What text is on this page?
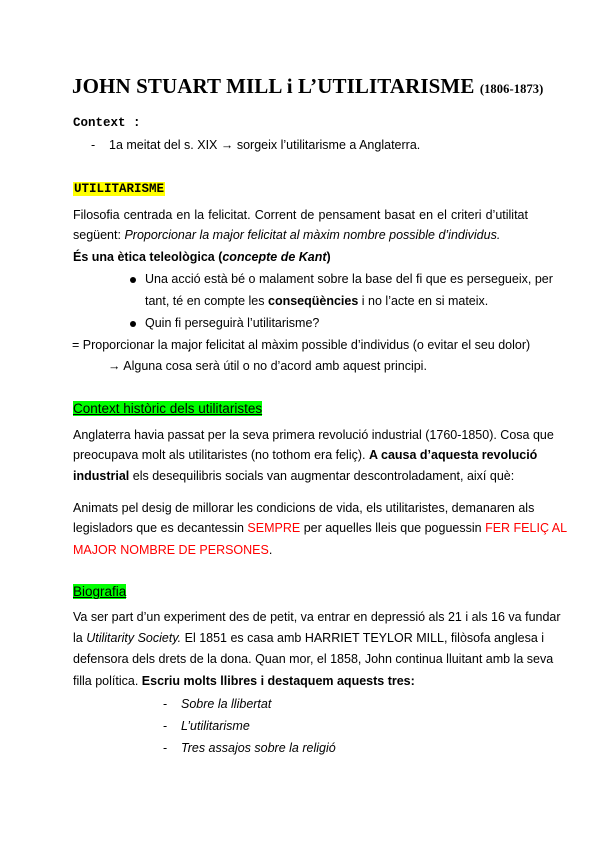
JOHN STUART MILL i L’UTILITARISME (1806-1873)
Context :
- 1a meitat del s. XIX → sorgeix l’utilitarisme a Anglaterra.
UTILITARISME
Filosofia centrada en la felicitat. Corrent de pensament basat en el criteri d’utilitat
següent: Proporcionar la major felicitat al màxim nombre possible d’individus.
És una ètica teleològica (concepte de Kant)
Una acció està bé o malament sobre la base del fi que es persegueix, per
tant, té en compte les conseqüències i no l’acte en si mateix.
Quin fi perseguirà l’utilitarisme?
= Proporcionar la major felicitat al màxim possible d’individus (o evitar el seu dolor)
→ Alguna cosa serà útil o no d’acord amb aquest principi.
Context històric dels utilitaristes
Anglaterra havia passat per la seva primera revolució industrial (1760-1850). Cosa que
preocupava molt als utilitaristes (no tothom era feliç). A causa d’aquesta revolució
industrial els desequilibris socials van augmentar descontroladament, així què:
Animats pel desig de millorar les condicions de vida, els utilitaristes, demanaren als
legisladors que es decantessin SEMPRE per aquelles lleis que poguessin FER FELIÇ AL
MAJOR NOMBRE DE PERSONES.
Biografia
Va ser part d’un experiment des de petit, va entrar en depressió als 21 i als 16 va fundar
la Utilitarity Society. El 1851 es casa amb HARRIET TEYLOR MILL, filòsofa anglesa i
defensora dels drets de la dona. Quan mor, el 1858, John continua lluitant amb la seva
filla política. Escriu molts llibres i destaquem aquests tres:
- Sobre la llibertat
- L’utilitarisme
- Tres assajos sobre la religió
